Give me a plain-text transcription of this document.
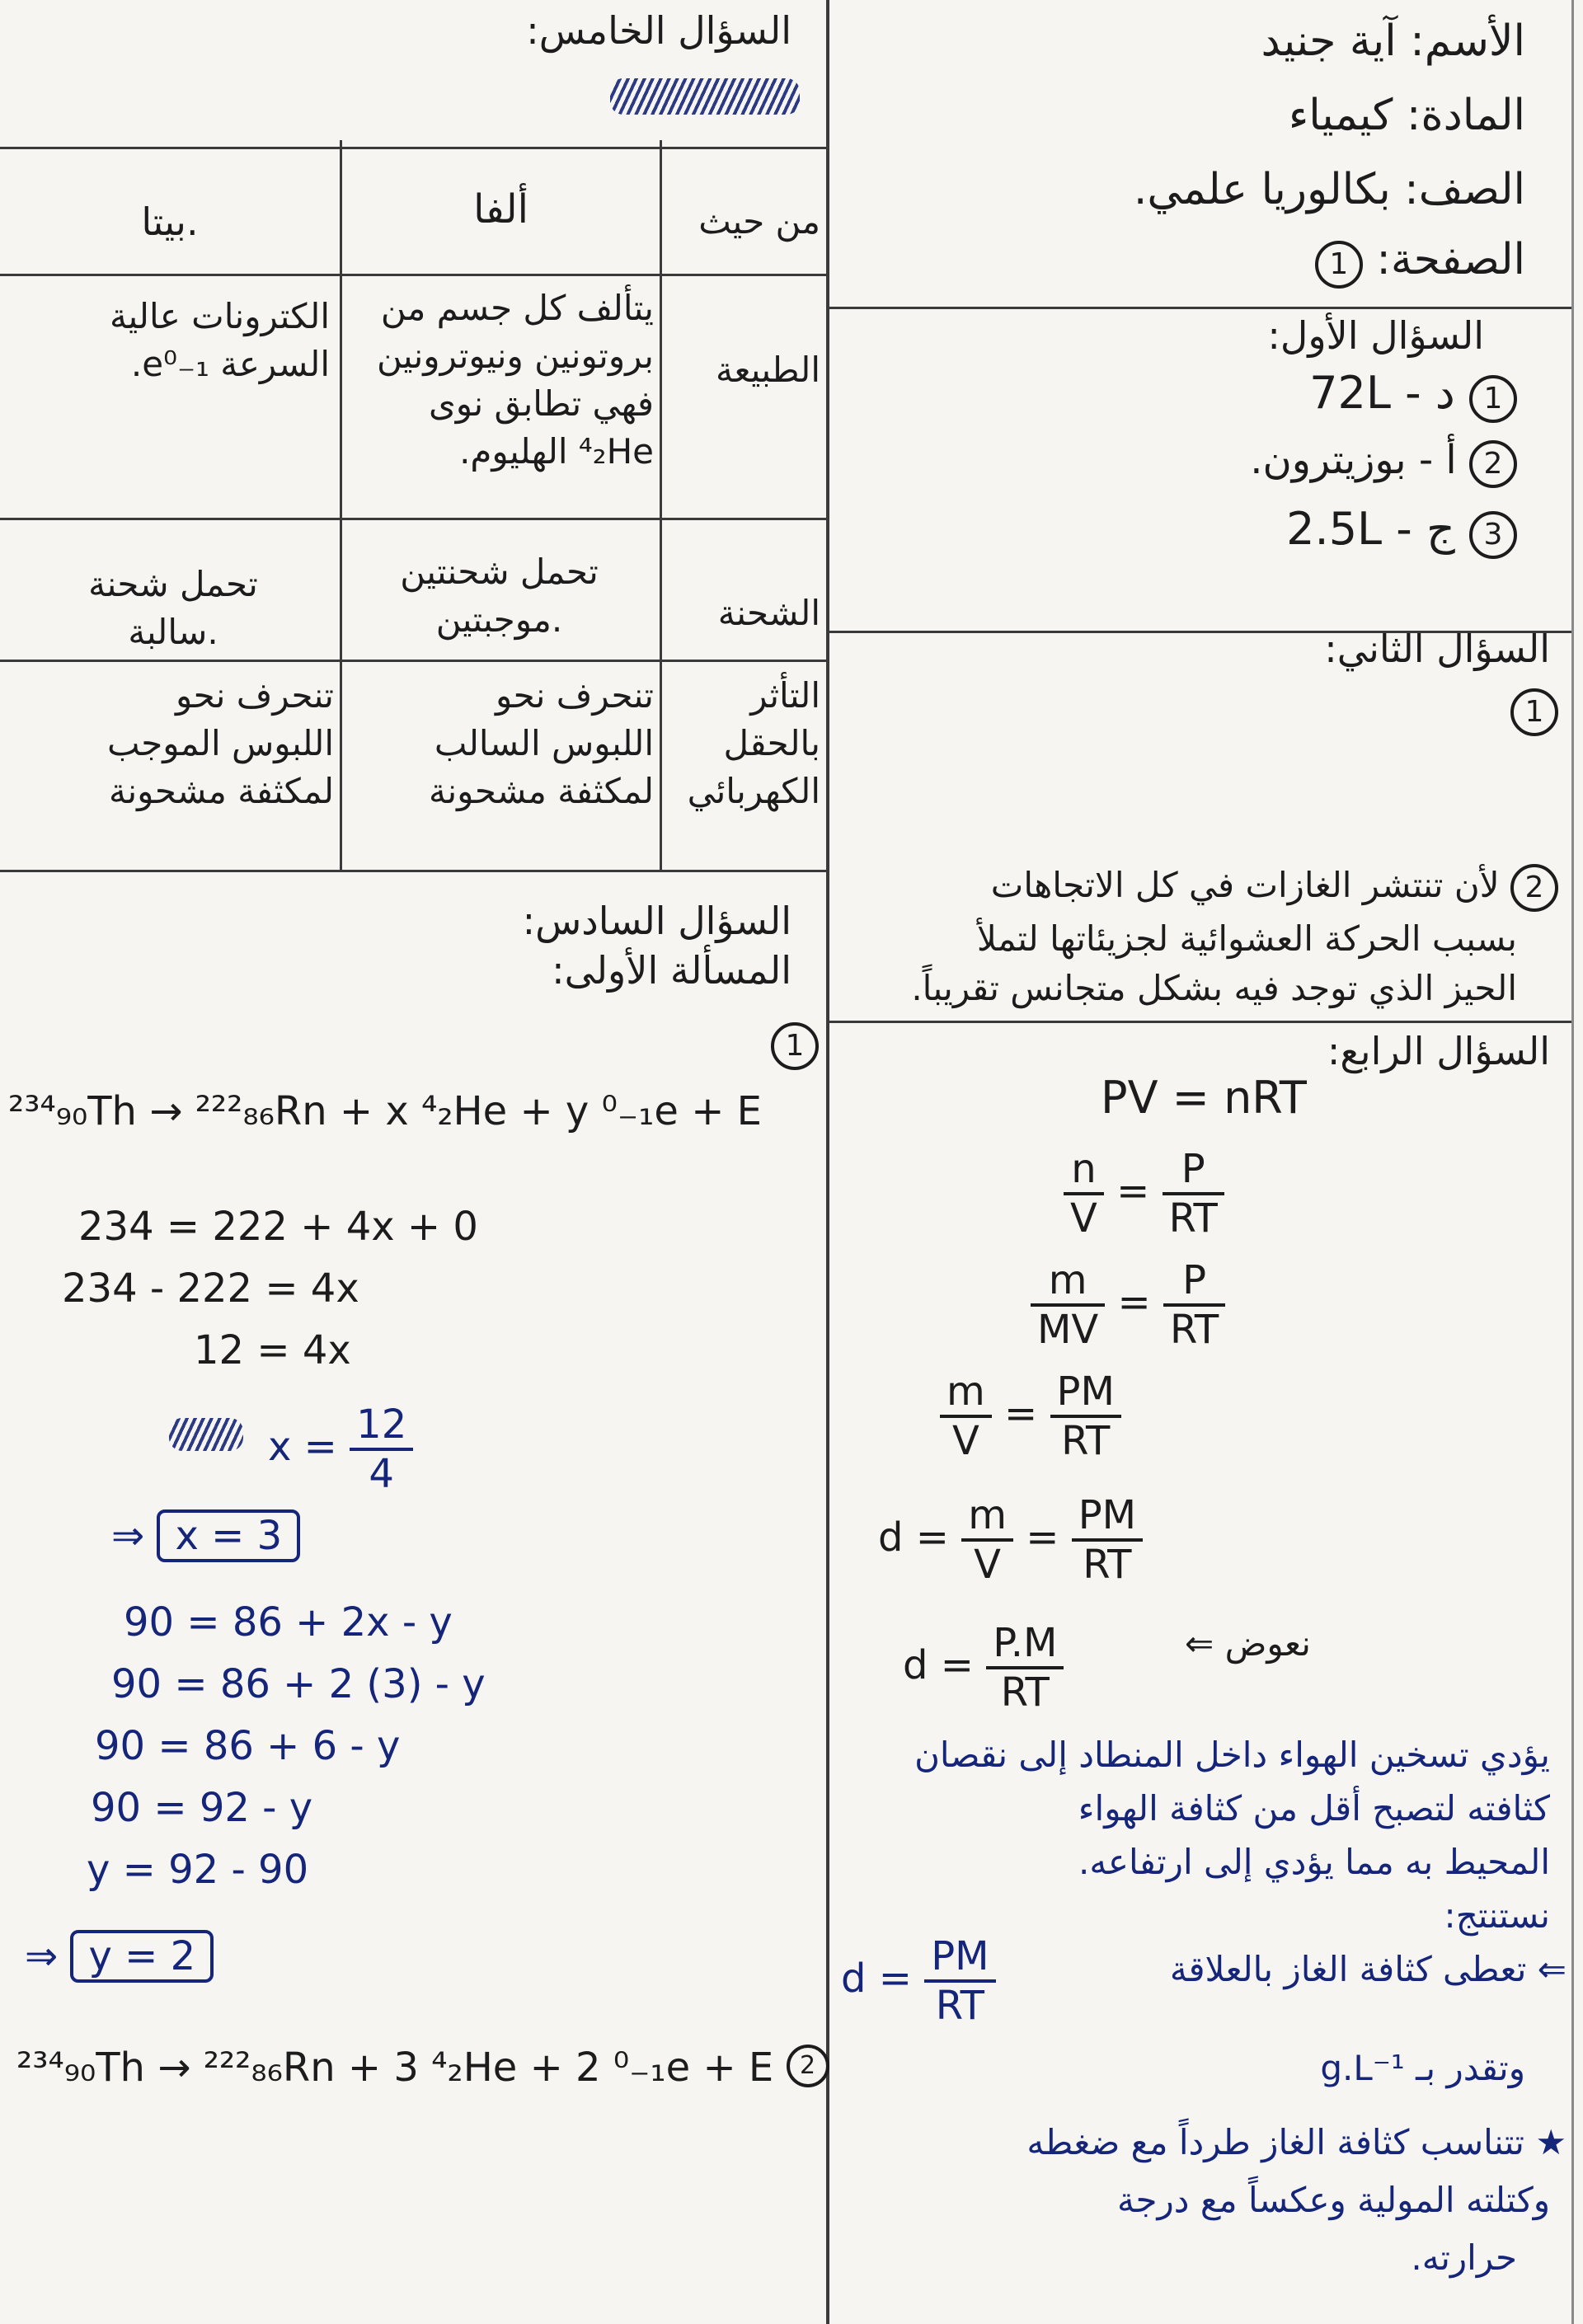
الأسم: آية جنيد
المادة: كيمياء
الصف: بكالوريا علمي.
الصفحة: 1
السؤال الأول:
1 د - 72L
2 أ - بوزيترون.
3 ج - 2.5L
السؤال الثاني:
1
2 لأن تنتشر الغازات في كل الاتجاهات
بسبب الحركة العشوائية لجزيئاتها لتملأ
الحيز الذي توجد فيه بشكل متجانس تقريباً.
السؤال الرابع:
PV = nRT
$\frac{n}{V} = \frac{P}{RT}$
$\frac{m}{MV} = \frac{P}{RT}$
$\frac{m}{V} = \frac{PM}{RT}$
$d = \frac{m}{V} = \frac{PM}{RT}$
$d = \frac{P.M}{RT}$	نعوض ⇐
يؤدي تسخين الهواء داخل المنطاد إلى نقصان
كثافته لتصبح أقل من كثافة الهواء
المحيط به مما يؤدي إلى ارتفاعه.
نستنتج:
⇐ تعطى كثافة الغاز بالعلاقة
$d = \frac{PM}{RT}$
وتقدر بـ g.L⁻¹
★ تتناسب كثافة الغاز طرداً مع ضغطه
وكتلته المولية وعكساً مع درجة
حرارته.
السؤال الخامس:
من حيث
ألفا
بيتا.
الطبيعة
يتألف كل جسم من
بروتونين ونيوترونين
فهي تطابق نوى
⁴₂He الهليوم.
الكترونات عالية
السرعة e⁰₋₁.
الشحنة
تحمل شحنتين
موجبتين.
تحمل شحنة
سالبة.
التأثر
بالحقل
الكهربائي
تنحرف نحو
اللبوس السالب
لمكثفة مشحونة
تنحرف نحو
اللبوس الموجب
لمكثفة مشحونة
السؤال السادس:
المسألة الأولى:
1
²³⁴₉₀Th → ²²²₈₆Rn + x ⁴₂He + y ⁰₋₁e + E
234 = 222 + 4x + 0
234 - 222 = 4x
12 = 4x
$x = \frac{12}{4}$
⇒ x = 3
90 = 86 + 2x - y
90 = 86 + 2 (3) - y
90 = 86 + 6 - y
90 = 92 - y
y = 92 - 90
⇒ y = 2
²³⁴₉₀Th → ²²²₈₆Rn + 3 ⁴₂He + 2 ⁰₋₁e + E 2
